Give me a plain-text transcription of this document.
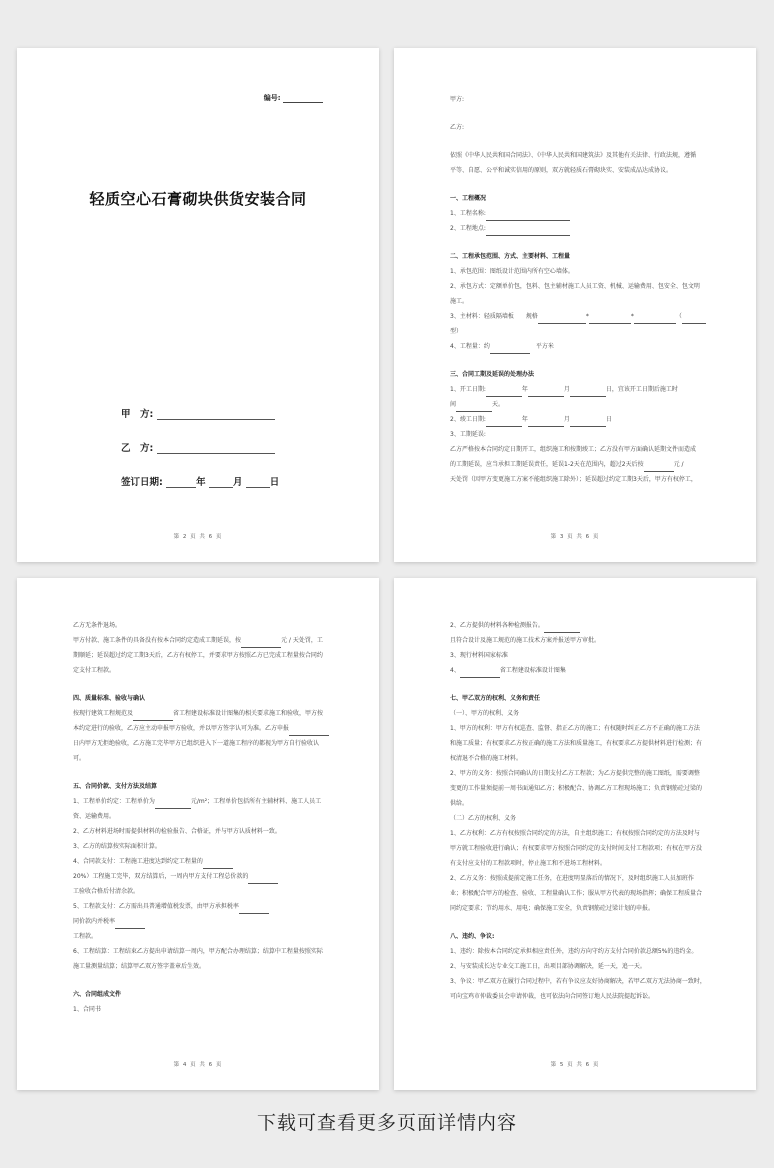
编号:
轻质空心石膏砌块供货安装合同
甲　方:
乙　方:
签订日期:	年	月	日
第 2 页 共 6 页
甲方:
乙方:
依照《中华人民共和国合同法》、《中华人民共和国建筑法》及其他有关法律、行政法规，遵循
平等、自愿、公平和诚实信用的原则，双方就轻质石膏砌块实、安装成品达成协议。
一、工程概况
1、工程名称:
2、工程地点:
二、工程承包范围、方式、主要材料、工程量
1、承包范围：图纸设计范围内所有空心墙体。
2、承包方式：定额单价包，包料、包主辅材施工人员工资、机械、运输费用、包安全、包文明
施工。
3、主材料：轻质隔墙板　　规格	*	*	（
型）
4、工程量：约	平方米
三、合同工期及延误的处理办法
1、开工日期:	年	月	日，宜该开工日期后施工时
间	天。
2、竣工日期:	年	月	日
3、工期延误:
乙方严格按本合同约定日期开工，组织施工和按期竣工；乙方没有甲方面确认延期文件而造成
的工期延误，应当承担工期延误责任，延误1-2天在范围内，超过2天后按	元 /
天处罚（因甲方变更施工方案不能组织施工除外）；延误超过约定工期3天后，甲方有权停工，
第 3 页 共 6 页
乙方无条件退场。
甲方付款、施工条件的具备没有按本合同约定造成工期延误，按	元 / 天处罚，工
期顺延；延误超过约定工期3天后，乙方有权停工，并要求甲方按照乙方已完成工程量按合同约
定支付工程款。
四、质量标准、验收与确认
按现行建筑工程规范及	省工程建设标准设计图集的相关要求施工和验收，甲方按
本约定进行的验收，乙方应主动申报甲方验收，并以甲方签字认可为准。乙方申报
日内甲方无拒绝验收，乙方施工完毕甲方已组织进入下一道施工程序的都视为甲方自行验收认
可。
五、合同价款、支付方法及结算
1、工程单价约定：工程单价为	元/m²；工程单价包括所有主辅材料、施工人员工
资、运输费用。
2、乙方材料进场时需提供材料的检验报告、合格证，并与甲方认质材料一致。
3、乙方的结算按实际面积计算。
4、合同款支付：工程施工进度达到约定工程量的
20%）工程施工完毕，双方结算后，一周内甲方支付工程总价款的
工验收合格后付清余款。
5、工程款支付：乙方需出具普通增值税发票，由甲方承担税率
同价款内并税率
工程款。
6、工程结算：工程结束乙方提出申请结算一周内，甲方配合办理结算；结算中工程量按照实际
施工量测量结算；结算甲乙双方签字盖章后生效。
六、合同组成文件
1、合同书
第 4 页 共 6 页
2、乙方提供的材料各种检测报告。
且符合设计及施工规范的施工技术方案并报送甲方审批。
3、现行材料国家标准
4、	省工程建设标准设计图集
七、甲乙双方的权利、义务和责任
（一）、甲方的权利、义务
1、甲方的权利：甲方有权巡查、监督、指正乙方的施工；有权随时纠正乙方不正确的施工方法
和施工质量；有权要求乙方按正确的施工方法和质量施工，有权要求乙方提供材料进行检测；有
权清退不合格的施工材料。
2、甲方的义务：按照合同确认的日期支付乙方工程款；为乙方提供完整的施工图纸，需要调整
变更的工作量须提前一周书面通知乙方；积极配合、协调乙方工程现场施工；负责钢筋砼过梁的
供给。
（二）乙方的权利、义务
1、乙方权利：乙方有权按照合同约定的方法，自主组织施工；有权按照合同约定的方法及时与
甲方就工程验收进行确认；有权要求甲方按照合同约定的支付时间支付工程款项；有权在甲方没
有支付应支付的工程款项时，停止施工和不进场工程材料。
2、乙方义务：按照成提前定施工任务，在进度明显落后的情况下，及时组织施工人员加班作
业；积极配合甲方的检查、验收、工程量确认工作；服从甲方代表的现场指挥；确保工程质量合
同约定要求；节约用水、用电；确保施工安全，负责钢筋砼过梁计划的申报。
八、违约、争议:
1、违约：除按本合同约定承担相应责任外，违约方向守约方支付合同价款总额5%的违约金。
2、与安装成长达专业交工施工日，出项目部协调解决，延一天，追一天。
3、争议：甲乙双方在履行合同过程中，若有争议应友好协商解决，若甲乙双方无法协商一致时，
可向宝鸡市仲裁委员会申请仲裁，也可依法向合同签订地人民法院提起诉讼。
第 5 页 共 6 页
下载可查看更多页面详情内容
